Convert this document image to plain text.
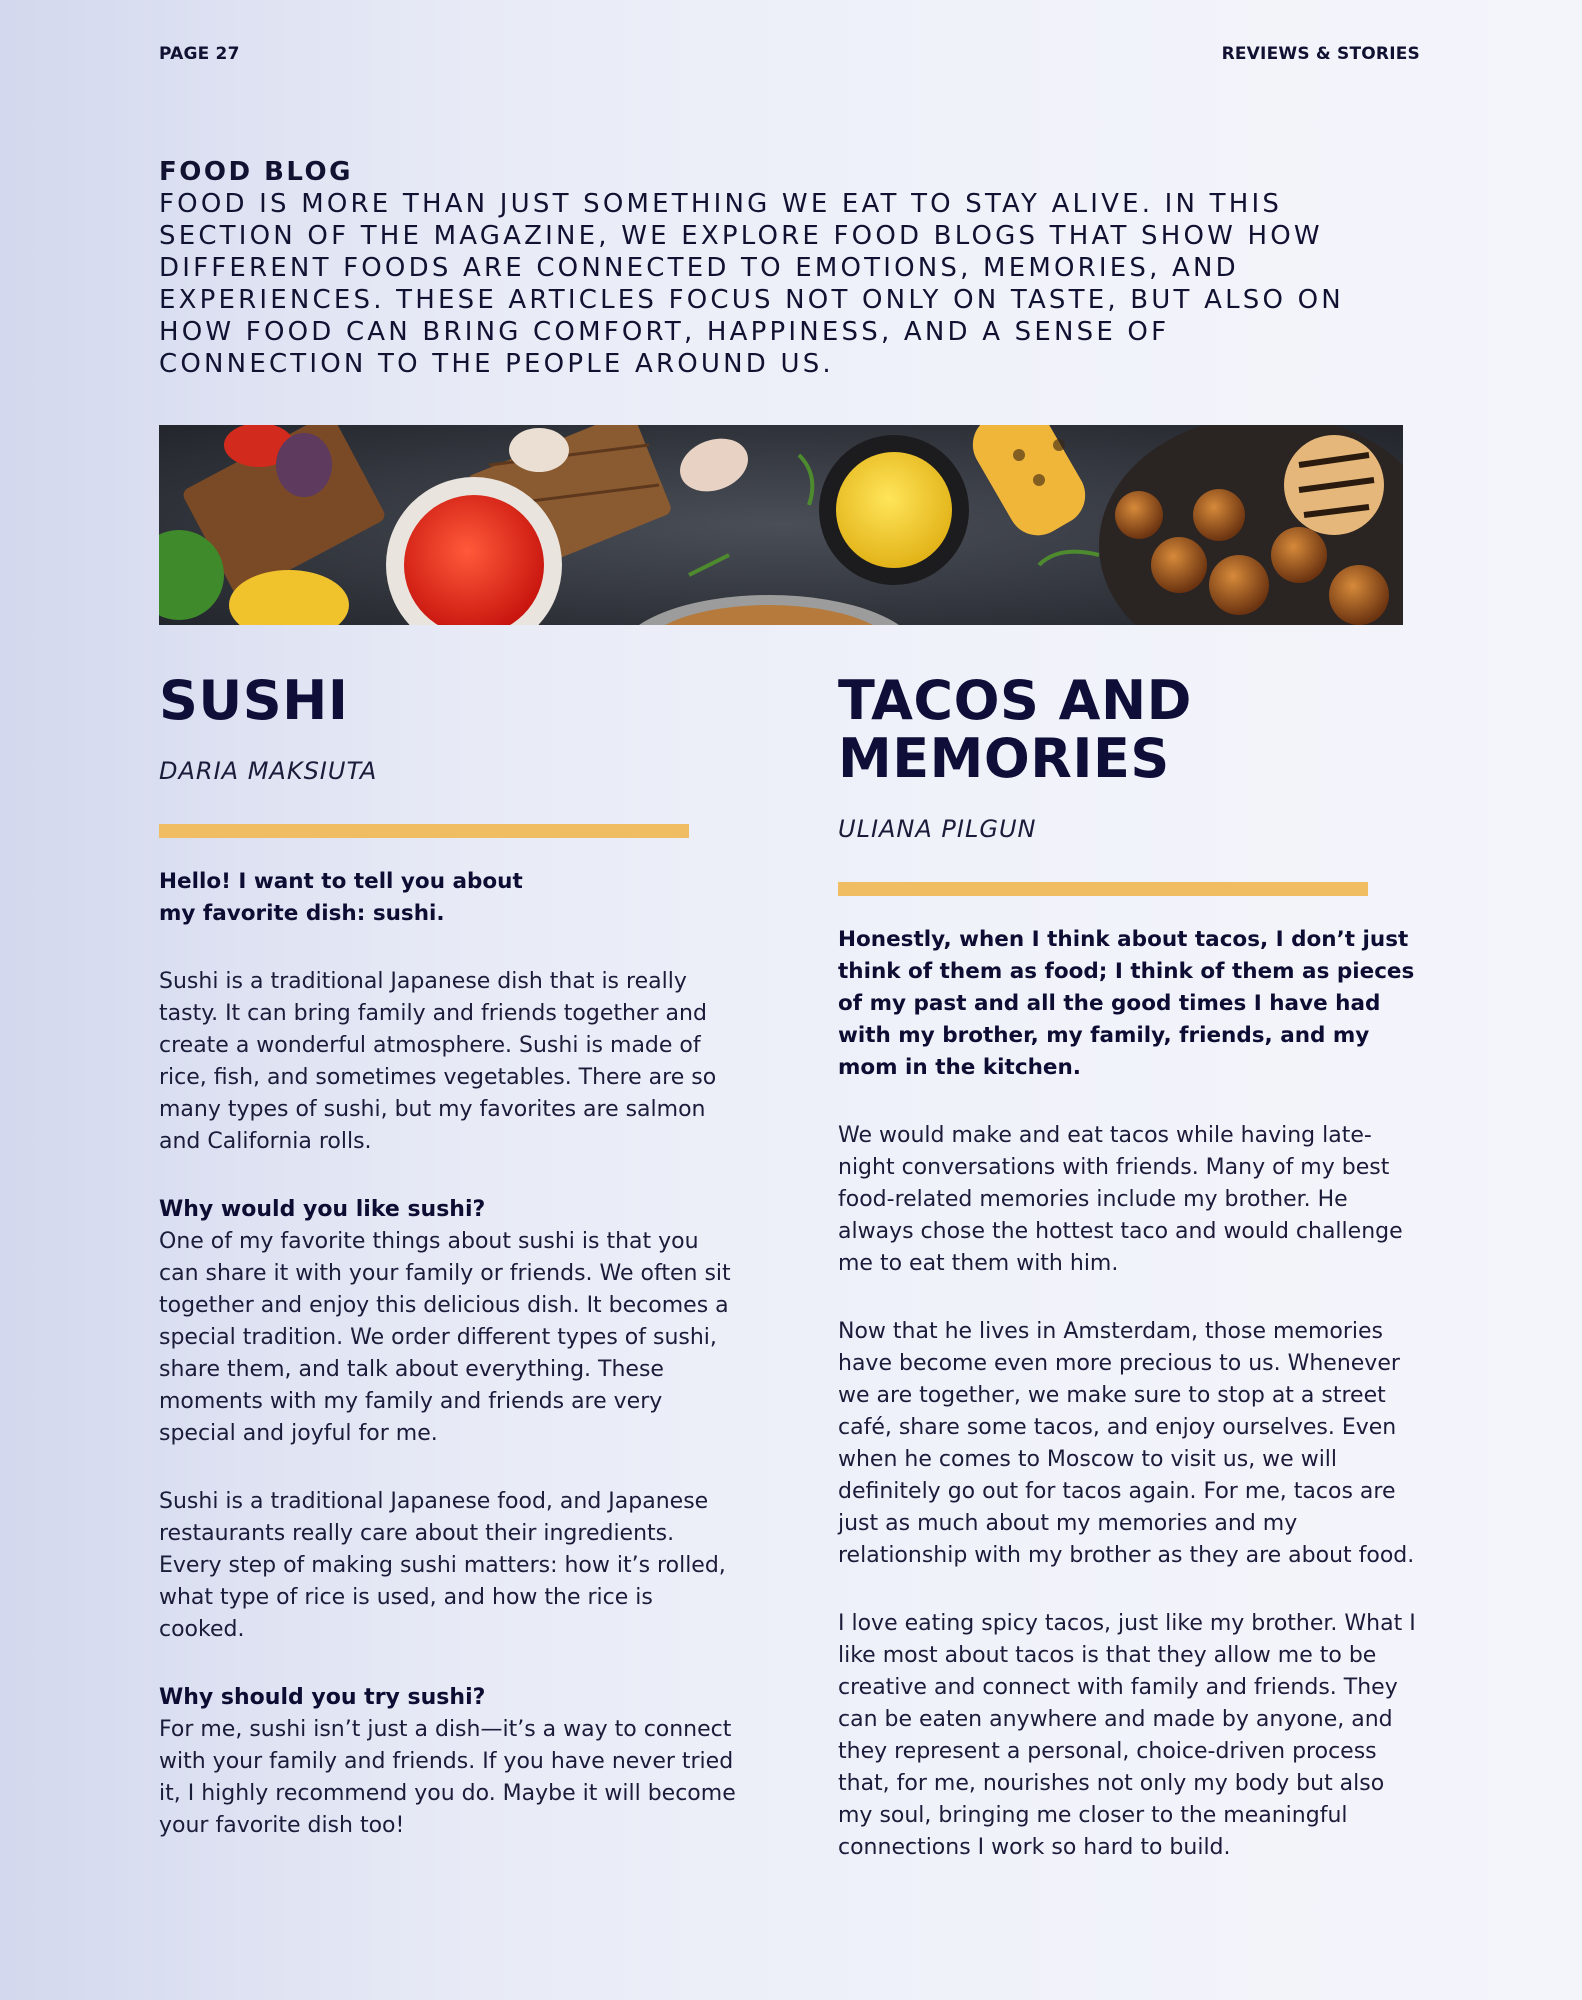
PAGE 27	REVIEWS & STORIES

FOOD BLOG

FOOD IS MORE THAN JUST SOMETHING WE EAT TO STAY ALIVE. IN THIS

SECTION OF THE MAGAZINE, WE EXPLORE FOOD BLOGS THAT SHOW HOW

DIFFERENT FOODS ARE CONNECTED TO EMOTIONS, MEMORIES, AND

EXPERIENCES. THESE ARTICLES FOCUS NOT ONLY ON TASTE, BUT ALSO ON

HOW FOOD CAN BRING COMFORT, HAPPINESS, AND A SENSE OF

CONNECTION TO THE PEOPLE AROUND US.

SUSHI

DARIA MAKSIUTA

Hello! I want to tell you about
my favorite dish: sushi.

Sushi is a traditional Japanese dish that is really tasty. It can bring family and friends together and create a wonderful atmosphere. Sushi is made of rice, fish, and sometimes vegetables. There are so many types of sushi, but my favorites are salmon and California rolls.

Why would you like sushi?

One of my favorite things about sushi is that you can share it with your family or friends. We often sit together and enjoy this delicious dish. It becomes a special tradition. We order different types of sushi, share them, and talk about everything. These moments with my family and friends are very special and joyful for me.

Sushi is a traditional Japanese food, and Japanese restaurants really care about their ingredients. Every step of making sushi matters: how it’s rolled, what type of rice is used, and how the rice is cooked.

Why should you try sushi?

For me, sushi isn’t just a dish—it’s a way to connect with your family and friends. If you have never tried it, I highly recommend you do. Maybe it will become your favorite dish too!

TACOS AND
MEMORIES

ULIANA PILGUN

Honestly, when I think about tacos, I don’t just think of them as food; I think of them as pieces of my past and all the good times I have had with my brother, my family, friends, and my mom in the kitchen.

We would make and eat tacos while having late-night conversations with friends. Many of my best food-related memories include my brother. He always chose the hottest taco and would challenge me to eat them with him.

Now that he lives in Amsterdam, those memories have become even more precious to us. Whenever we are together, we make sure to stop at a street café, share some tacos, and enjoy ourselves. Even when he comes to Moscow to visit us, we will definitely go out for tacos again. For me, tacos are just as much about my memories and my relationship with my brother as they are about food.

I love eating spicy tacos, just like my brother. What I like most about tacos is that they allow me to be creative and connect with family and friends. They can be eaten anywhere and made by anyone, and they represent a personal, choice-driven process that, for me, nourishes not only my body but also my soul, bringing me closer to the meaningful connections I work so hard to build.
